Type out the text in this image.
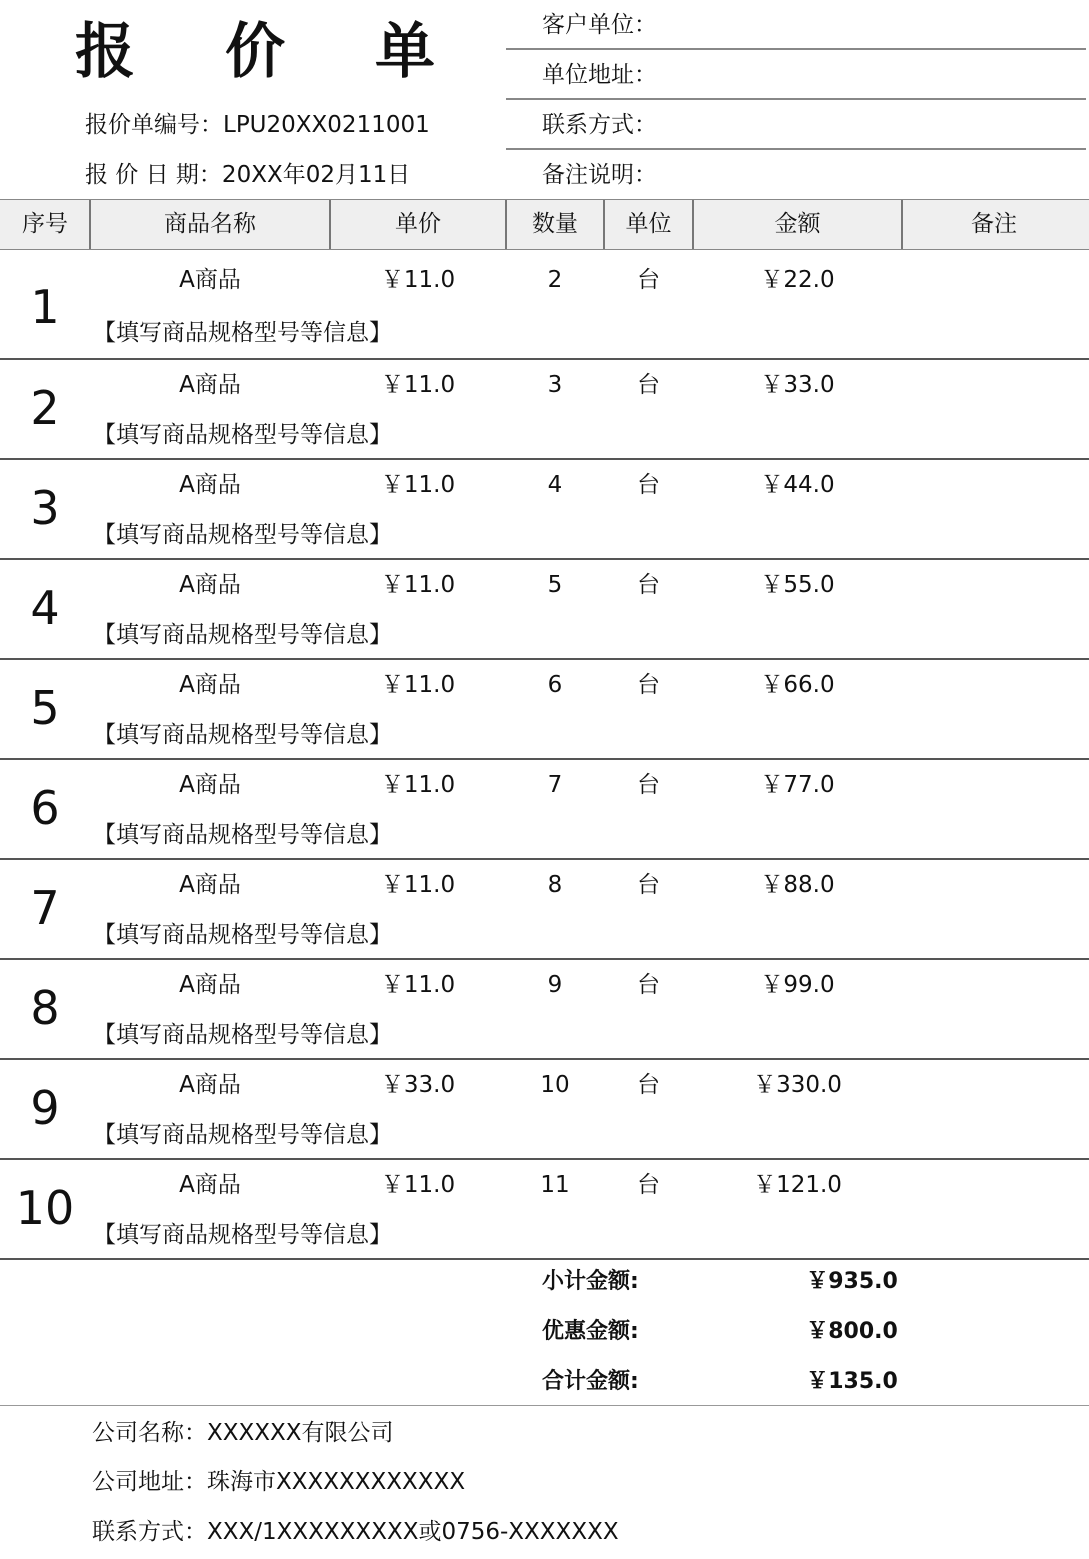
报 价 单
报价单编号：LPU20XX0211001
报 价 日 期：20XX年02月11日
客户单位：
单位地址：
联系方式：
备注说明：
序号	商品名称	单价	数量	单位	金额	备注
1	A商品	￥11.0	2	台	￥22.0
【填写商品规格型号等信息】
2	A商品	￥11.0	3	台	￥33.0
【填写商品规格型号等信息】
3	A商品	￥11.0	4	台	￥44.0
【填写商品规格型号等信息】
4	A商品	￥11.0	5	台	￥55.0
【填写商品规格型号等信息】
5	A商品	￥11.0	6	台	￥66.0
【填写商品规格型号等信息】
6	A商品	￥11.0	7	台	￥77.0
【填写商品规格型号等信息】
7	A商品	￥11.0	8	台	￥88.0
【填写商品规格型号等信息】
8	A商品	￥11.0	9	台	￥99.0
【填写商品规格型号等信息】
9	A商品	￥33.0	10	台	￥330.0
【填写商品规格型号等信息】
10	A商品	￥11.0	11	台	￥121.0
【填写商品规格型号等信息】
小计金额:	￥935.0
优惠金额:	￥800.0
合计金额:	￥135.0
公司名称：XXXXXX有限公司
公司地址：珠海市XXXXXXXXXXXX
联系方式：XXX/1XXXXXXXXX或0756-XXXXXXX
